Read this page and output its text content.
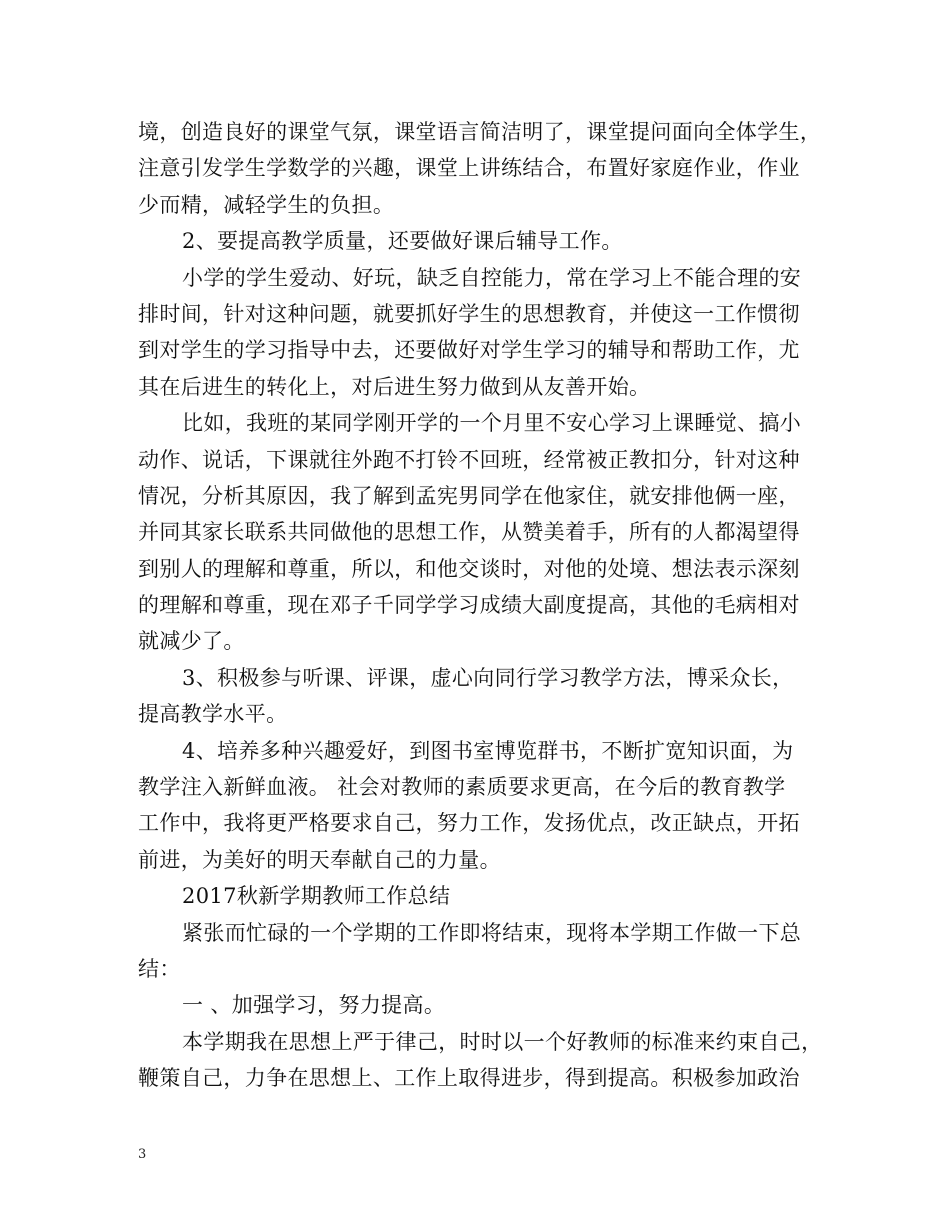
境，创造良好的课堂气氛，课堂语言简洁明了，课堂提问面向全体学生，
注意引发学生学数学的兴趣，课堂上讲练结合，布置好家庭作业，作业
少而精，减轻学生的负担。
2、要提高教学质量，还要做好课后辅导工作。
小学的学生爱动、好玩，缺乏自控能力，常在学习上不能合理的安
排时间，针对这种问题，就要抓好学生的思想教育，并使这一工作惯彻
到对学生的学习指导中去，还要做好对学生学习的辅导和帮助工作，尤
其在后进生的转化上，对后进生努力做到从友善开始。
比如，我班的某同学刚开学的一个月里不安心学习上课睡觉、搞小
动作、说话，下课就往外跑不打铃不回班，经常被正教扣分，针对这种
情况，分析其原因，我了解到孟宪男同学在他家住，就安排他俩一座，
并同其家长联系共同做他的思想工作，从赞美着手，所有的人都渴望得
到别人的理解和尊重，所以，和他交谈时，对他的处境、想法表示深刻
的理解和尊重，现在邓子千同学学习成绩大副度提高，其他的毛病相对
就减少了。
3、积极参与听课、评课，虚心向同行学习教学方法，博采众长，
提高教学水平。
4、培养多种兴趣爱好，到图书室博览群书，不断扩宽知识面，为
教学注入新鲜血液。 社会对教师的素质要求更高，在今后的教育教学
工作中，我将更严格要求自己，努力工作，发扬优点，改正缺点，开拓
前进，为美好的明天奉献自己的力量。
2017秋新学期教师工作总结
紧张而忙碌的一个学期的工作即将结束，现将本学期工作做一下总
结：
一 、加强学习，努力提高。
本学期我在思想上严于律己，时时以一个好教师的标准来约束自己，
鞭策自己，力争在思想上、工作上取得进步，得到提高。积极参加政治
3
